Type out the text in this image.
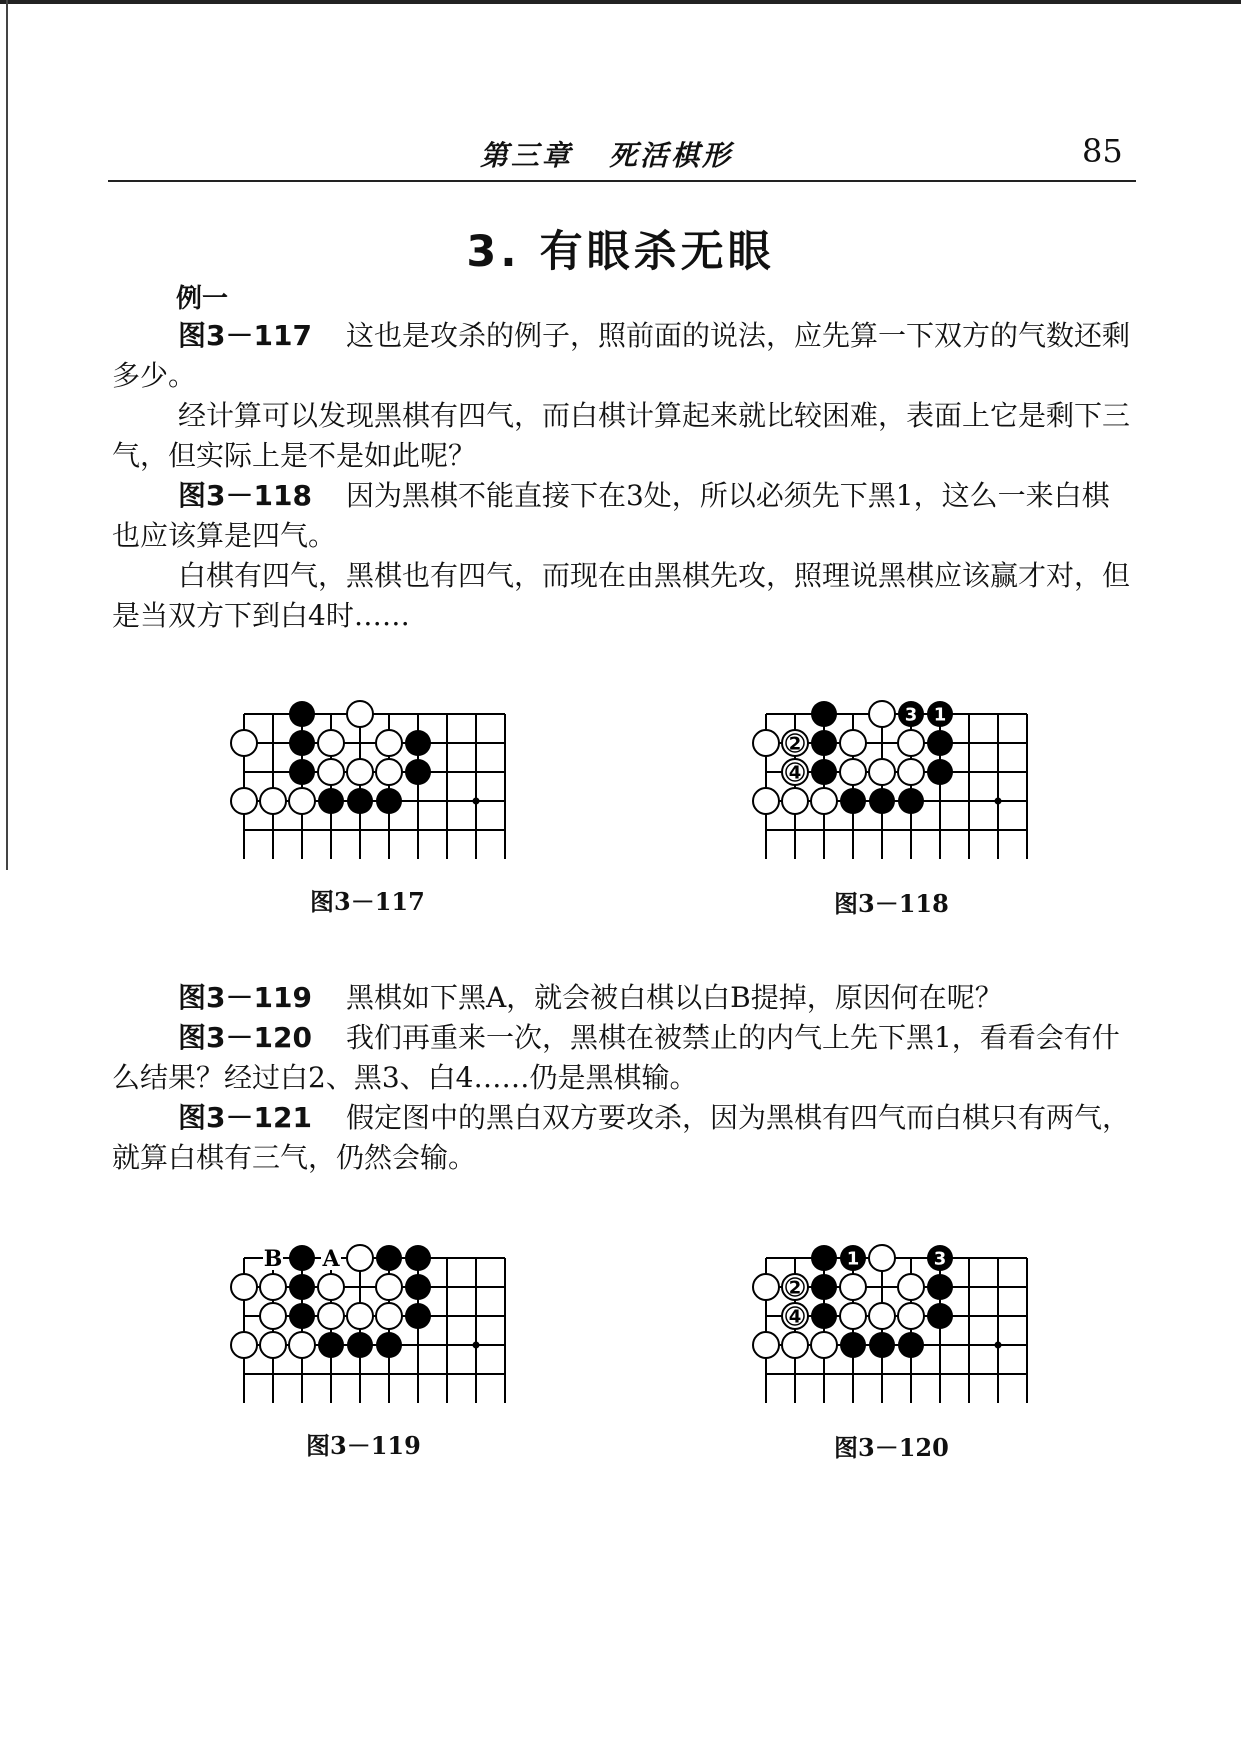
第三章 死活棋形	85
3. 有眼杀无眼
例一

图3－117 这也是攻杀的例子，照前面的说法，应先算一下双方的气数还剩多少。

经计算可以发现黑棋有四气，而白棋计算起来就比较困难，表面上它是剩下三气，但实际上是不是如此呢？

图3－118 因为黑棋不能直接下在3处，所以必须先下黑1，这么一来白棋也应该算是四气。

白棋有四气，黑棋也有四气，而现在由黑棋先攻，照理说黑棋应该赢才对，但是当双方下到白4时……

3 1
2
4
图3－117	图3－118

图3－119 黑棋如下黑A，就会被白棋以白B提掉，原因何在呢？

图3－120 我们再重来一次，黑棋在被禁止的内气上先下黑1，看看会有什么结果？经过白2、黑3、白4……仍是黑棋输。

图3－121 假定图中的黑白双方要攻杀，因为黑棋有四气而白棋只有两气，就算白棋有三气，仍然会输。

B A	1	3
2
4
图3－119	图3－120
